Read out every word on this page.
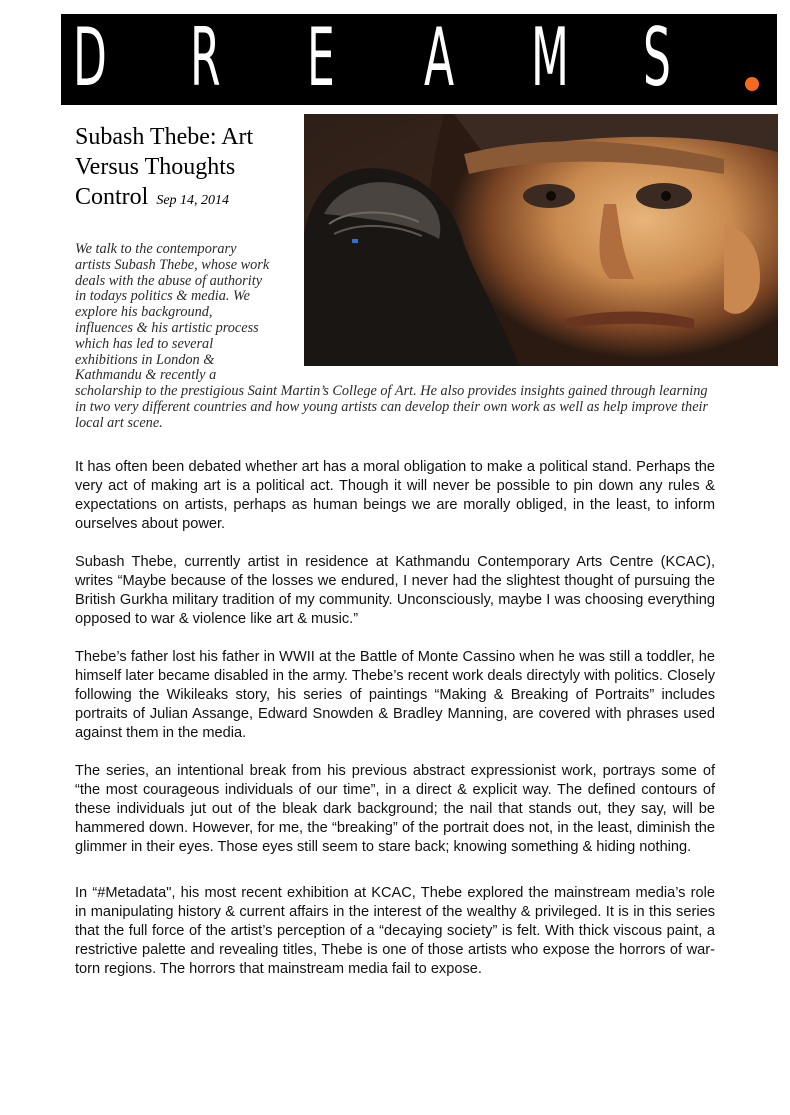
D R E A M S
Subash Thebe: Art Versus Thoughts Control Sep 14, 2014

We talk to the contemporary artists Subash Thebe, whose work deals with the abuse of authority in todays politics & media. We explore his background, influences & his artistic process which has led to several exhibitions in London & Kathmandu & recently a scholarship to the prestigious Saint Martin’s College of Art. He also provides insights gained through learning in two very different countries and how young artists can develop their own work as well as help improve their local art scene.

It has often been debated whether art has a moral obligation to make a political stand. Perhaps the very act of making art is a political act. Though it will never be possible to pin down any rules & expectations on artists, perhaps as human beings we are morally obliged, in the least, to inform ourselves about power.

Subash Thebe, currently artist in residence at Kathmandu Contemporary Arts Centre (KCAC), writes “Maybe because of the losses we endured, I never had the slightest thought of pursuing the British Gurkha military tradition of my community. Unconsciously, maybe I was choosing everything opposed to war & violence like art & music.”

Thebe’s father lost his father in WWII at the Battle of Monte Cassino when he was still a toddler, he himself later became disabled in the army. Thebe’s recent work deals directyly with politics. Closely following the Wikileaks story, his series of paintings “Making & Breaking of Portraits” includes portraits of Julian Assange, Edward Snowden & Bradley Manning, are covered with phrases used against them in the media.

The series, an intentional break from his previous abstract expressionist work, portrays some of “the most courageous individuals of our time”, in a direct & explicit way. The defined contours of these individuals jut out of the bleak dark background; the nail that stands out, they say, will be hammered down. However, for me, the “breaking” of the portrait does not, in the least, diminish the glimmer in their eyes. Those eyes still seem to stare back; knowing something & hiding nothing.

In “#Metadata", his most recent exhibition at KCAC, Thebe explored the mainstream media’s role in manipulating history & current affairs in the interest of the wealthy & privileged. It is in this series that the full force of the artist’s perception of a “decaying society” is felt. With thick viscous paint, a restrictive palette and revealing titles, Thebe is one of those artists who expose the horrors of war-torn regions. The horrors that mainstream media fail to expose.
